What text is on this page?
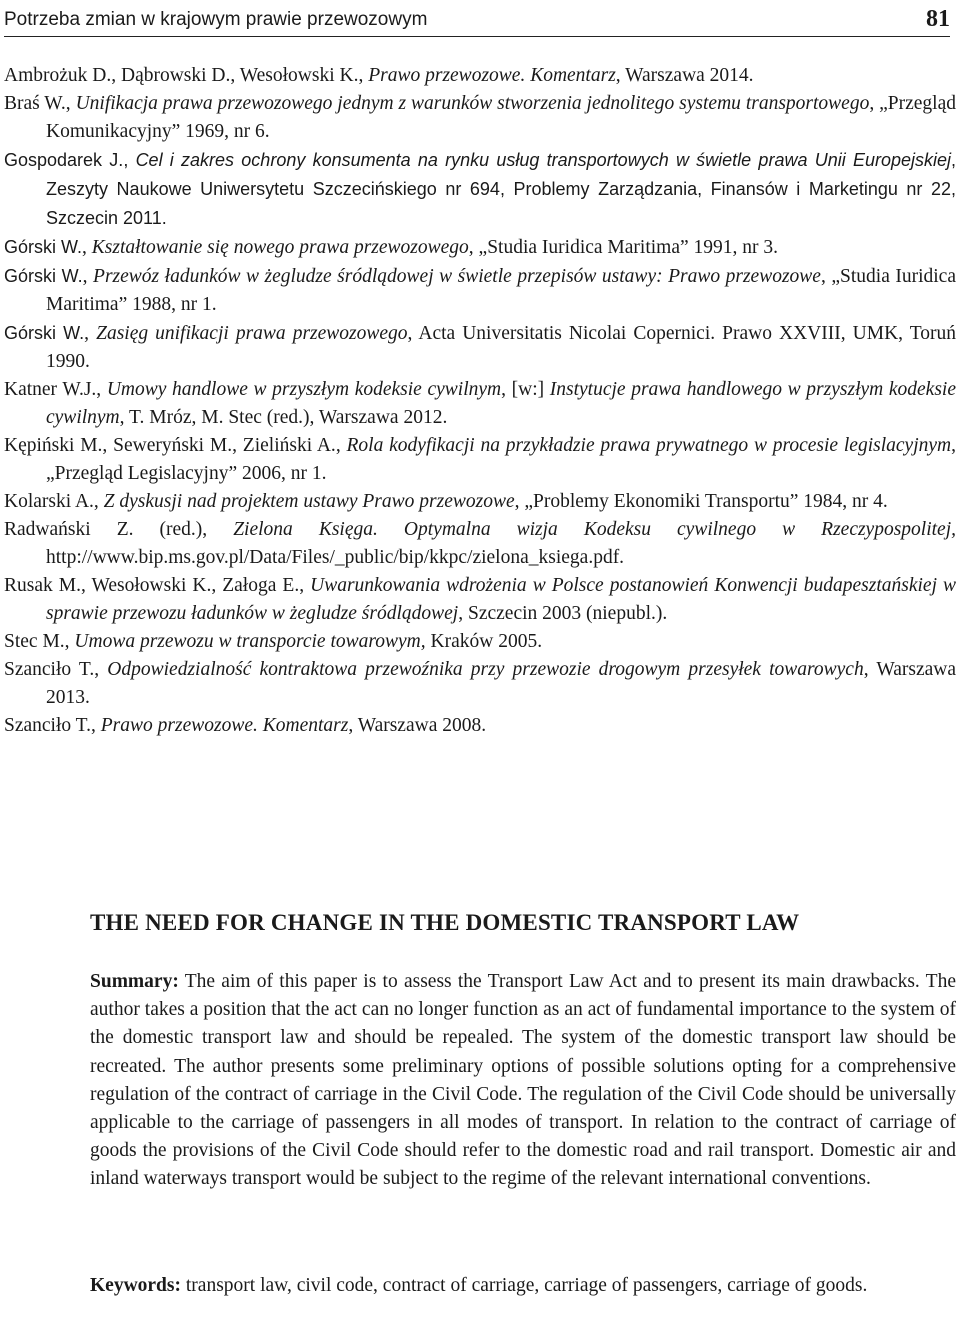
Potrzeba zmian w krajowym prawie przewozowym	81
Ambrożuk D., Dąbrowski D., Wesołowski K., Prawo przewozowe. Komentarz, Warszawa 2014.
Braś W., Unifikacja prawa przewozowego jednym z warunków stworzenia jednolitego systemu transportowego, „Przegląd Komunikacyjny” 1969, nr 6.
Gospodarek J., Cel i zakres ochrony konsumenta na rynku usług transportowych w świetle prawa Unii Europejskiej, Zeszyty Naukowe Uniwersytetu Szczecińskiego nr 694, Problemy Zarządzania, Finansów i Marketingu nr 22, Szczecin 2011.
Górski W., Kształtowanie się nowego prawa przewozowego, „Studia Iuridica Maritima” 1991, nr 3.
Górski W., Przewóz ładunków w żegludze śródlądowej w świetle przepisów ustawy: Prawo przewozowe, „Studia Iuridica Maritima” 1988, nr 1.
Górski W., Zasięg unifikacji prawa przewozowego, Acta Universitatis Nicolai Copernici. Prawo XXVIII, UMK, Toruń 1990.
Katner W.J., Umowy handlowe w przyszłym kodeksie cywilnym, [w:] Instytucje prawa handlowego w przyszłym kodeksie cywilnym, T. Mróz, M. Stec (red.), Warszawa 2012.
Kępiński M., Seweryński M., Zieliński A., Rola kodyfikacji na przykładzie prawa prywatnego w procesie legislacyjnym, „Przegląd Legislacyjny” 2006, nr 1.
Kolarski A., Z dyskusji nad projektem ustawy Prawo przewozowe, „Problemy Ekonomiki Transportu” 1984, nr 4.
Radwański Z. (red.), Zielona Księga. Optymalna wizja Kodeksu cywilnego w Rzeczypospolitej, http://www.bip.ms.gov.pl/Data/Files/_public/bip/kkpc/zielona_ksiega.pdf.
Rusak M., Wesołowski K., Załoga E., Uwarunkowania wdrożenia w Polsce postanowień Konwencji budapesztańskiej w sprawie przewozu ładunków w żegludze śródlądowej, Szczecin 2003 (niepubl.).
Stec M., Umowa przewozu w transporcie towarowym, Kraków 2005.
Szanciło T., Odpowiedzialność kontraktowa przewoźnika przy przewozie drogowym przesyłek towarowych, Warszawa 2013.
Szanciło T., Prawo przewozowe. Komentarz, Warszawa 2008.
THE NEED FOR CHANGE IN THE DOMESTIC TRANSPORT LAW
Summary: The aim of this paper is to assess the Transport Law Act and to present its main drawbacks. The author takes a position that the act can no longer function as an act of fundamental importance to the system of the domestic transport law and should be repealed. The system of the domestic transport law should be recreated. The author presents some preliminary options of possible solutions opting for a comprehensive regulation of the contract of carriage in the Civil Code. The regulation of the Civil Code should be universally applicable to the carriage of passengers in all modes of transport. In relation to the contract of carriage of goods the provisions of the Civil Code should refer to the domestic road and rail transport. Domestic air and inland waterways transport would be subject to the regime of the relevant international conventions.
Keywords: transport law, civil code, contract of carriage, carriage of passengers, carriage of goods.
